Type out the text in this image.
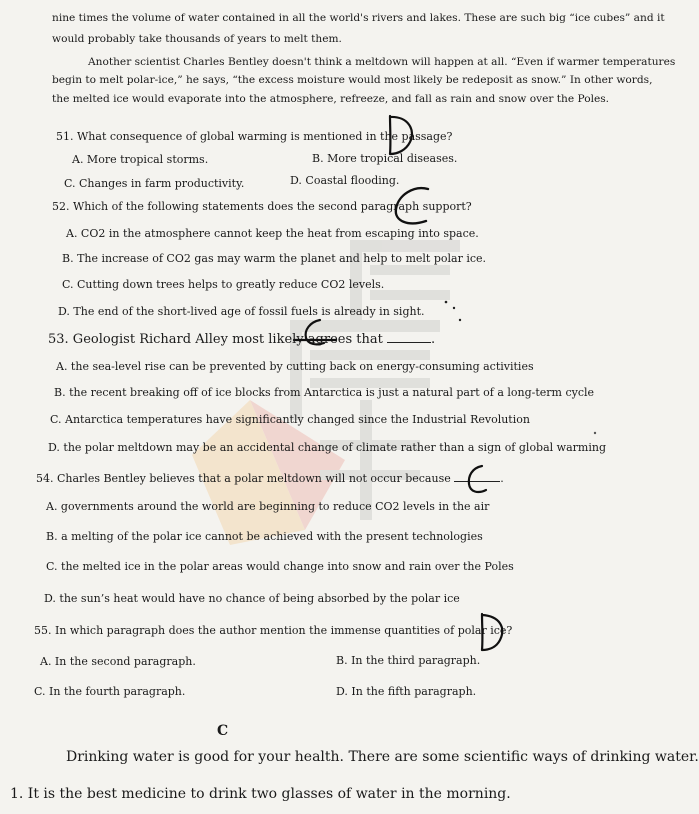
nine times the volume of water contained in all the world's rivers and lakes. These are such big “ice cubes” and it
would probably take thousands of years to melt them.
Another scientist Charles Bentley doesn't think a meltdown will happen at all. “Even if warmer temperatures
begin to melt polar-ice,” he says, “the excess moisture would most likely be redeposit as snow.” In other words,
the melted ice would evaporate into the atmosphere, refreeze, and fall as rain and snow over the Poles.
51. What consequence of global warming is mentioned in the passage?
A. More tropical storms.	B. More tropical diseases.
C. Changes in farm productivity.	D. Coastal flooding.
52. Which of the following statements does the second paragraph support?
A. CO2 in the atmosphere cannot keep the heat from escaping into space.
B. The increase of CO2 gas may warm the planet and help to melt polar ice.
C. Cutting down trees helps to greatly reduce CO2 levels.
D. The end of the short-lived age of fossil fuels is already in sight.
53. Geologist Richard Alley most likely agrees that	.
A. the sea-level rise can be prevented by cutting back on energy-consuming activities
B. the recent breaking off of ice blocks from Antarctica is just a natural part of a long-term cycle
C. Antarctica temperatures have significantly changed since the Industrial Revolution
D. the polar meltdown may be an accidental change of climate rather than a sign of global warming
54. Charles Bentley believes that a polar meltdown will not occur because	.
A. governments around the world are beginning to reduce CO2 levels in the air
B. a melting of the polar ice cannot be achieved with the present technologies
C. the melted ice in the polar areas would change into snow and rain over the Poles
D. the sun’s heat would have no chance of being absorbed by the polar ice
55. In which paragraph does the author mention the immense quantities of polar ice?
A. In the second paragraph.	B. In the third paragraph.
C. In the fourth paragraph.	D. In the fifth paragraph.
C
Drinking water is good for your health. There are some scientific ways of drinking water.
1. It is the best medicine to drink two glasses of water in the morning.
